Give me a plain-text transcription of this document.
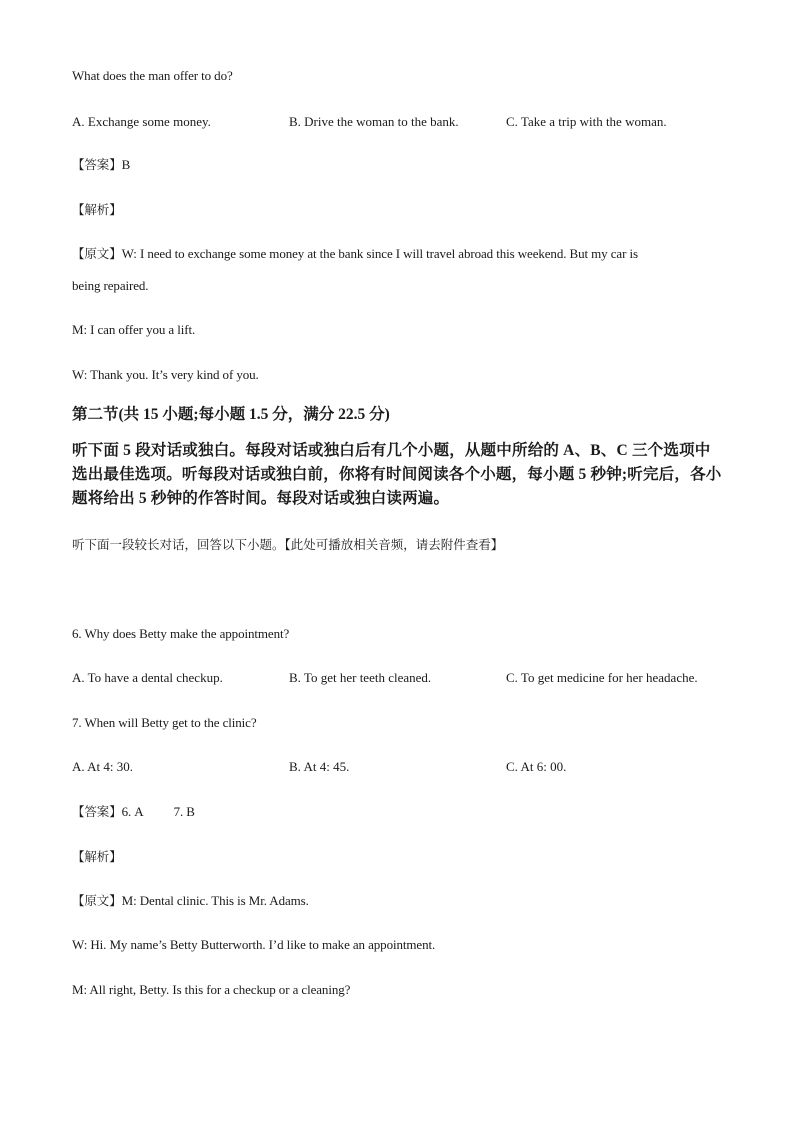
What does the man offer to do?
A. Exchange some money.	B. Drive the woman to the bank.	C. Take a trip with the woman.
【答案】B
【解析】
【原文】W: I need to exchange some money at the bank since I will travel abroad this weekend. But my car is
being repaired.
M: I can offer you a lift.
W: Thank you. It’s very kind of you.
第二节(共 15 小题;每小题 1.5 分，满分 22.5 分)
听下面 5 段对话或独白。每段对话或独白后有几个小题，从题中所给的 A、B、C 三个选项中选出最佳选项。听每段对话或独白前，你将有时间阅读各个小题，每小题 5 秒钟;听完后，各小题将给出 5 秒钟的作答时间。每段对话或独白读两遍。
听下面一段较长对话，回答以下小题。【此处可播放相关音频，请去附件查看】
6. Why does Betty make the appointment?
A. To have a dental checkup.	B. To get her teeth cleaned.	C. To get medicine for her headache.
7. When will Betty get to the clinic?
A. At 4: 30.	B. At 4: 45.	C. At 6: 00.
【答案】6. A 7. B
【解析】
【原文】M: Dental clinic. This is Mr. Adams.
W: Hi. My name’s Betty Butterworth. I’d like to make an appointment.
M: All right, Betty. Is this for a checkup or a cleaning?
